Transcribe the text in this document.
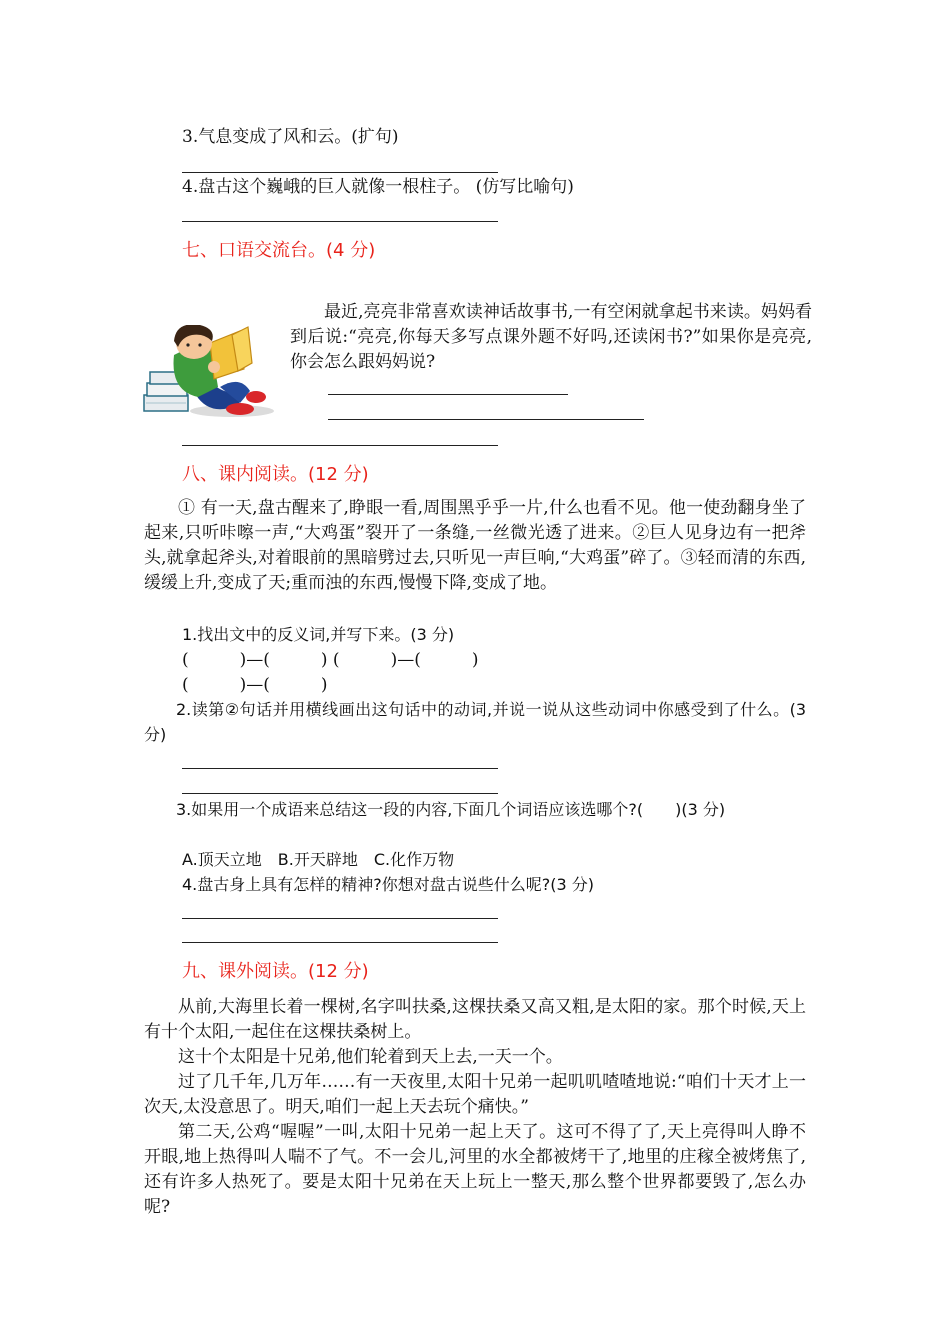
3.气息变成了风和云。(扩句)
4.盘古这个巍峨的巨人就像一根柱子。 (仿写比喻句)
七、口语交流台。(4 分)

最近,亮亮非常喜欢读神话故事书,一有空闲就拿起书来读。妈妈看到后说:“亮亮,你每天多写点课外题不好吗,还读闲书?”如果你是亮亮,你会怎么跟妈妈说?

八、课内阅读。(12 分)

① 有一天,盘古醒来了,睁眼一看,周围黑乎乎一片,什么也看不见。他一使劲翻身坐了起来,只听咔嚓一声,“大鸡蛋”裂开了一条缝,一丝微光透了进来。②巨人见身边有一把斧头,就拿起斧头,对着眼前的黑暗劈过去,只听见一声巨响,“大鸡蛋”碎了。③轻而清的东西,缓缓上升,变成了天;重而浊的东西,慢慢下降,变成了地。

1.找出文中的反义词,并写下来。(3 分)
(　　　)—(　　　) (　　　)—(　　　)
(　　　)—(　　　)

2.读第②句话并用横线画出这句话中的动词,并说一说从这些动词中你感受到了什么。(3 分)

3.如果用一个成语来总结这一段的内容,下面几个词语应该选哪个?(　　)(3 分)

A.顶天立地　B.开天辟地　C.化作万物
4.盘古身上具有怎样的精神?你想对盘古说些什么呢?(3 分)
九、课外阅读。(12 分)

从前,大海里长着一棵树,名字叫扶桑,这棵扶桑又高又粗,是太阳的家。那个时候,天上有十个太阳,一起住在这棵扶桑树上。

这十个太阳是十兄弟,他们轮着到天上去,一天一个。

过了几千年,几万年……有一天夜里,太阳十兄弟一起叽叽喳喳地说:“咱们十天才上一次天,太没意思了。明天,咱们一起上天去玩个痛快。”

第二天,公鸡“喔喔”一叫,太阳十兄弟一起上天了。这可不得了了,天上亮得叫人睁不开眼,地上热得叫人喘不了气。不一会儿,河里的水全都被烤干了,地里的庄稼全被烤焦了,还有许多人热死了。要是太阳十兄弟在天上玩上一整天,那么整个世界都要毁了,怎么办呢?
